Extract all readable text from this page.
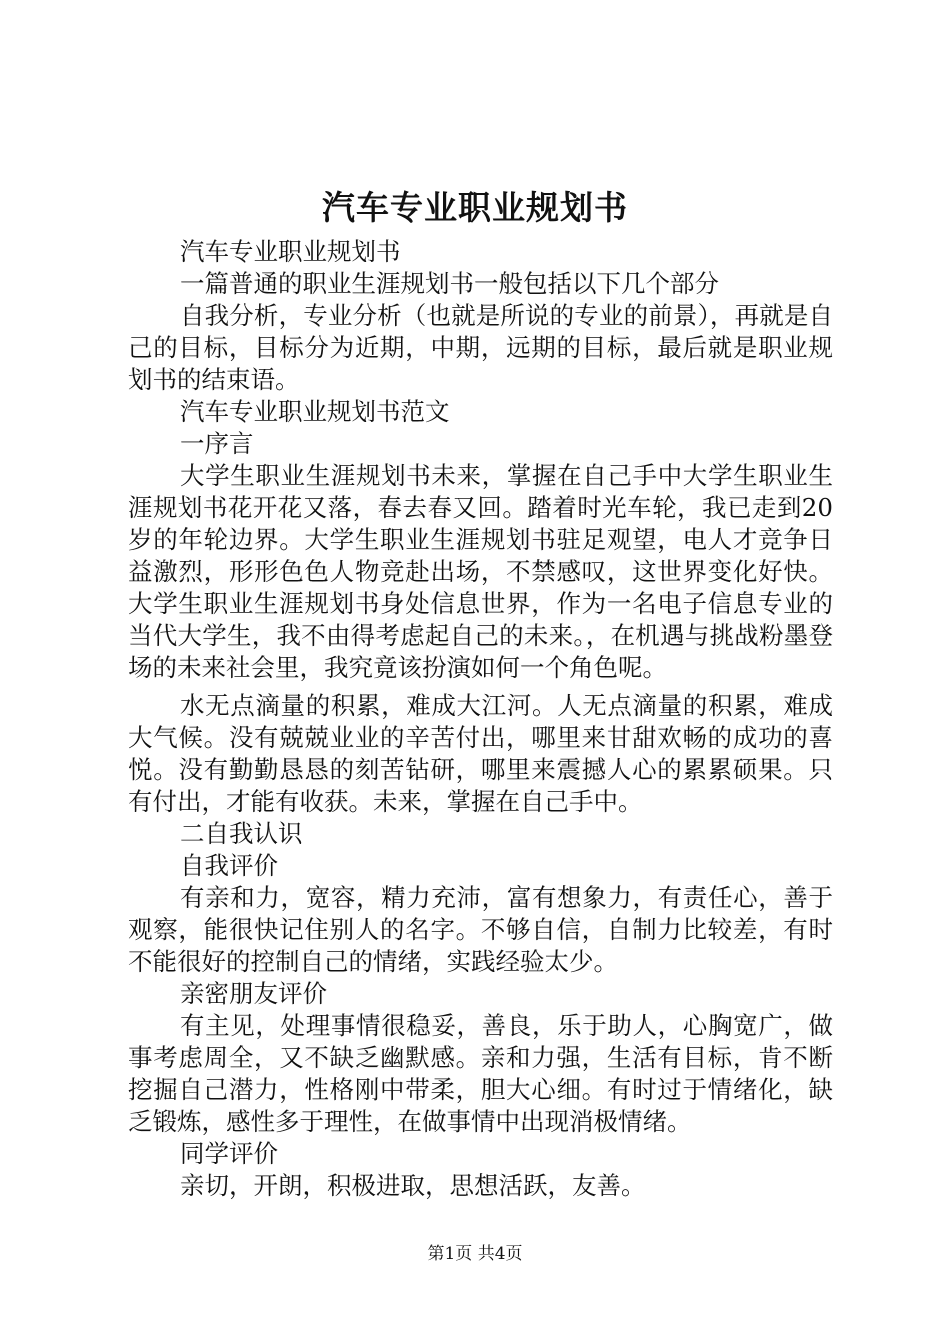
汽车专业职业规划书

汽车专业职业规划书

一篇普通的职业生涯规划书一般包括以下几个部分

自我分析，专业分析（也就是所说的专业的前景），再就是自己的目标，目标分为近期，中期，远期的目标，最后就是职业规划书的结束语。

汽车专业职业规划书范文

一序言

大学生职业生涯规划书未来，掌握在自己手中大学生职业生涯规划书花开花又落，春去春又回。踏着时光车轮，我已走到20岁的年轮边界。大学生职业生涯规划书驻足观望，电人才竞争日益激烈，形形色色人物竞赴出场，不禁感叹，这世界变化好快。大学生职业生涯规划书身处信息世界，作为一名电子信息专业的当代大学生，我不由得考虑起自己的未来。，在机遇与挑战粉墨登场的未来社会里，我究竟该扮演如何一个角色呢。

水无点滴量的积累，难成大江河。人无点滴量的积累，难成大气候。没有兢兢业业的辛苦付出，哪里来甘甜欢畅的成功的喜悦。没有勤勤恳恳的刻苦钻研，哪里来震撼人心的累累硕果。只有付出，才能有收获。未来，掌握在自己手中。

二自我认识

自我评价

有亲和力，宽容，精力充沛，富有想象力，有责任心，善于观察，能很快记住别人的名字。不够自信，自制力比较差，有时不能很好的控制自己的情绪，实践经验太少。

亲密朋友评价

有主见，处理事情很稳妥，善良，乐于助人，心胸宽广，做事考虑周全，又不缺乏幽默感。亲和力强，生活有目标，肯不断挖掘自己潜力，性格刚中带柔，胆大心细。有时过于情绪化，缺乏锻炼，感性多于理性，在做事情中出现消极情绪。

同学评价

亲切，开朗，积极进取，思想活跃，友善。

第1页 共4页
